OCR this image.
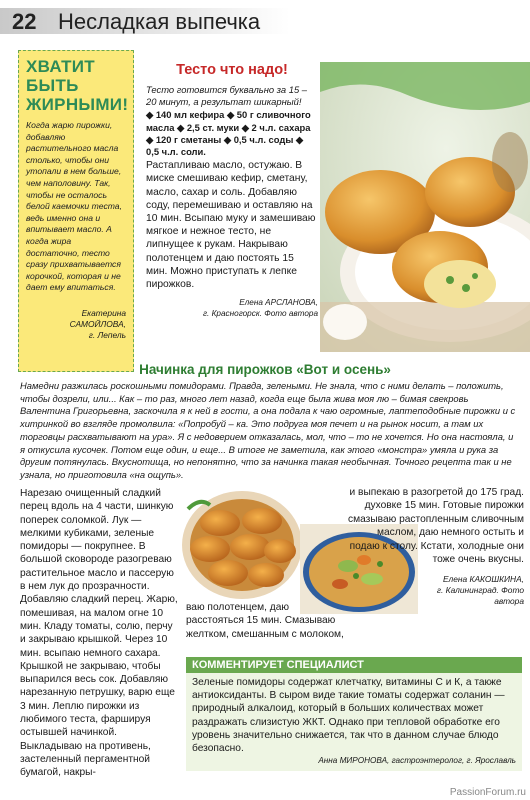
22 Несладкая выпечка
ХВАТИТ БЫТЬ ЖИРНЫМИ!
Когда жарю пирожки, добавляю растительного масла столько, чтобы они утопали в нем больше, чем наполовину. Так, чтобы не осталось белой каемочки теста, ведь именно она и впитывает масло. А когда жира достаточно, тесто сразу прихватывается корочкой, которая и не дает ему впитаться.
Екатерина САМОЙЛОВА,
г. Лепель
Тесто что надо!
Тесто готовится буквально за 15 – 20 минут, а результат шикарный!
◆ 140 мл кефира ◆ 50 г сливочного масла ◆ 2,5 ст. муки ◆ 2 ч.л. сахара ◆ 120 г сметаны ◆ 0,5 ч.л. соды ◆ 0,5 ч.л. соли.
Растапливаю масло, остужаю. В миске смешиваю кефир, сметану, масло, сахар и соль. Добавляю соду, перемешиваю и оставляю на 10 мин. Всыпаю муку и замешиваю мягкое и нежное тесто, не липнущее к рукам. Накрываю полотенцем и даю постоять 15 мин. Можно приступать к лепке пирожков.
Елена АРСЛАНОВА,
г. Красногорск. Фото автора
Начинка для пирожков «Вот и осень»
Намедни разжилась роскошными помидорами. Правда, зелеными. Не знала, что с ними делать – положить, чтобы дозрели, или... Как – то раз, много лет назад, когда еще была жива моя лю – бимая свекровь Валентина Григорьевна, заскочила я к ней в гости, а она подала к чаю огромные, лаптеподобные пирожки и с хитринкой во взгляде промолвила: «Попробуй – ка. Это подруга моя печет и на рынок носит, а там их торговцы расхватывают на ура». Я с недоверием отказалась, мол, что – то не хочется. Но она настояла, и я откусила кусочек. Потом еще один, и еще... В итоге не заметила, как этого «монстра» умяла и рука за другим потянулась. Вкуснотища, но непонятно, что за начинка такая необычная. Точного рецепта так и не узнала, но приготовила «на ощупь».
Нарезаю очищенный сладкий перец вдоль на 4 части, шинкую поперек соломкой. Лук — мелкими кубиками, зеленые помидоры — покрупнее. В большой сковороде разогреваю растительное масло и пассерую в нем лук до прозрачности. Добавляю сладкий перец. Жарю, помешивая, на малом огне 10 мин. Кладу томаты, солю, перчу и закрываю крышкой. Через 10 мин. всыпаю немного сахара. Крышкой не закрываю, чтобы выпарился весь сок. Добавляю нарезанную петрушку, варю еще 3 мин. Леплю пирожки из любимого теста, фаршируя остывшей начинкой. Выкладываю на противень, застеленный пергаментной бумагой, накры-
и выпекаю в разогретой до 175 град. духовке 15 мин. Готовые пирожки смазываю растопленным сливочным маслом, даю немного остыть и подаю к столу. Кстати, холодные они тоже очень вкусны.
Елена КАКОШКИНА,
г. Калининград. Фото автора
ваю полотенцем, даю расстояться 15 мин. Смазываю желтком, смешанным с молоком,
КОММЕНТИРУЕТ СПЕЦИАЛИСТ
Зеленые помидоры содержат клетчатку, витамины С и К, а также антиоксиданты. В сыром виде такие томаты содержат соланин — природный алкалоид, который в больших количествах может раздражать слизистую ЖКТ. Однако при тепловой обработке его уровень значительно снижается, так что в данном случае блюдо безопасно.
Анна МИРОНОВА, гастроэнтеролог, г. Ярославль
PassionForum.ru
